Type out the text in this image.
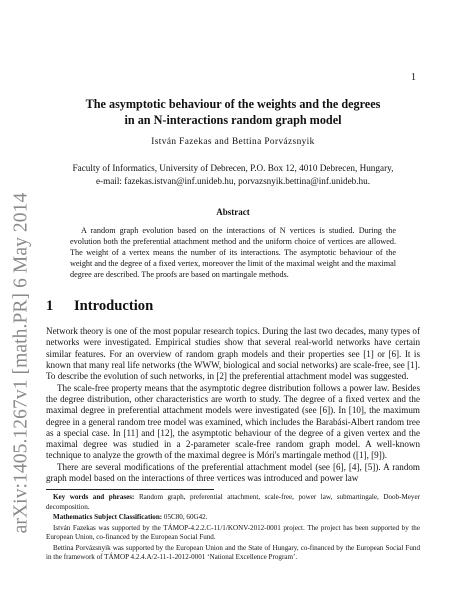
1
arXiv:1405.1267v1 [math.PR] 6 May 2014
The asymptotic behaviour of the weights and the degrees
in an N-interactions random graph model
István Fazekas and Bettina Porvázsnyik
Faculty of Informatics, University of Debrecen, P.O. Box 12, 4010 Debrecen, Hungary,
e-mail: fazekas.istvan@inf.unideb.hu, porvazsnyik.bettina@inf.unideb.hu.
Abstract

A random graph evolution based on the interactions of N vertices is studied. During the evolution both the preferential attachment method and the uniform choice of vertices are allowed. The weight of a vertex means the number of its interactions. The asymptotic behaviour of the weight and the degree of a fixed vertex, moreover the limit of the maximal weight and the maximal degree are described. The proofs are based on martingale methods.

1	Introduction

Network theory is one of the most popular research topics. During the last two decades, many types of networks were investigated. Empirical studies show that several real-world networks have certain similar features. For an overview of random graph models and their properties see [1] or [6]. It is known that many real life networks (the WWW, biological and social networks) are scale-free, see [1]. To describe the evolution of such networks, in [2] the preferential attachment model was suggested.

The scale-free property means that the asymptotic degree distribution follows a power law. Besides the degree distribution, other characteristics are worth to study. The degree of a fixed vertex and the maximal degree in preferential attachment models were investigated (see [6]). In [10], the maximum degree in a general random tree model was examined, which includes the Barabási-Albert random tree as a special case. In [11] and [12], the asymptotic behaviour of the degree of a given vertex and the maximal degree was studied in a 2-parameter scale-free random graph model. A well-known technique to analyze the growth of the maximal degree is Móri's martingale method ([1], [9]).

There are several modifications of the preferential attachment model (see [6], [4], [5]). A random graph model based on the interactions of three vertices was introduced and power law

Key words and phrases: Random graph, preferential attachment, scale-free, power law, submartingale, Doob-Meyer decomposition.

Mathematics Subject Classification: 05C80, 60G42.

István Fazekas was supported by the TÁMOP-4.2.2.C-11/1/KONV-2012-0001 project. The project has been supported by the European Union, co-financed by the European Social Fund.

Bettina Porvázsnyik was supported by the European Union and the State of Hungary, co-financed by the European Social Fund in the framework of TÁMOP 4.2.4.A/2-11-1-2012-0001 ‘National Excellence Program’.
